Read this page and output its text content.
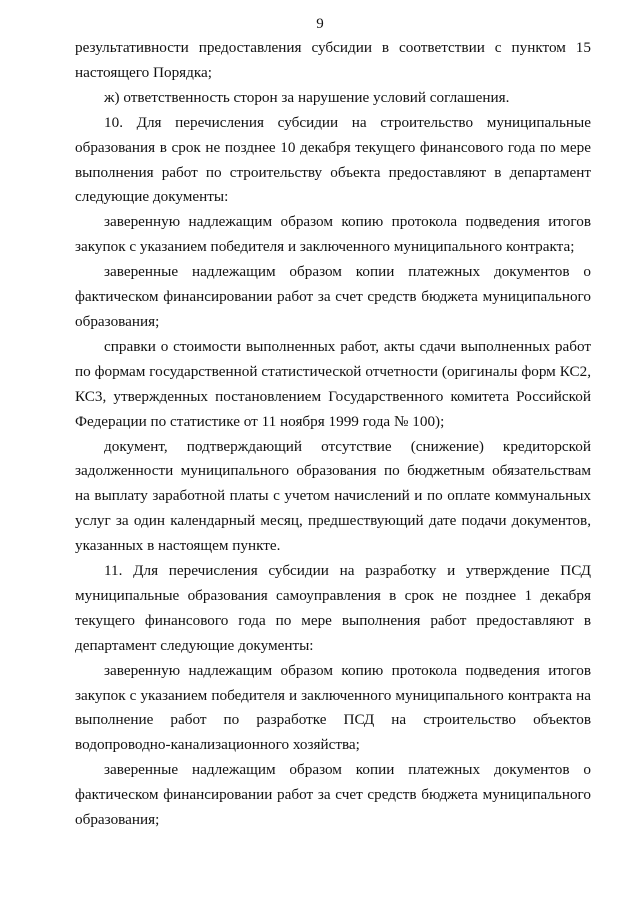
9

результативности предоставления субсидии в соответствии с пунктом 15 настоящего Порядка;

ж) ответственность сторон за нарушение условий соглашения.

10. Для перечисления субсидии на строительство муниципальные образования в срок не позднее 10 декабря текущего финансового года по мере выполнения работ по строительству объекта предоставляют в департамент следующие документы:

заверенную надлежащим образом копию протокола подведения итогов закупок с указанием победителя и заключенного муниципального контракта;

заверенные надлежащим образом копии платежных документов о фактическом финансировании работ за счет средств бюджета муниципального образования;

справки о стоимости выполненных работ, акты сдачи выполненных работ по формам государственной статистической отчетности (оригиналы форм КС2, КС3, утвержденных постановлением Государственного комитета Российской Федерации по статистике от 11 ноября 1999 года № 100);

документ, подтверждающий отсутствие (снижение) кредиторской задолженности муниципального образования по бюджетным обязательствам на выплату заработной платы с учетом начислений и по оплате коммунальных услуг за один календарный месяц, предшествующий дате подачи документов, указанных в настоящем пункте.

11. Для перечисления субсидии на разработку и утверждение ПСД муниципальные образования самоуправления в срок не позднее 1 декабря текущего финансового года по мере выполнения работ предоставляют в департамент следующие документы:

заверенную надлежащим образом копию протокола подведения итогов закупок с указанием победителя и заключенного муниципального контракта на выполнение работ по разработке ПСД на строительство объектов водопроводно-канализационного хозяйства;

заверенные надлежащим образом копии платежных документов о фактическом финансировании работ за счет средств бюджета муниципального образования;
